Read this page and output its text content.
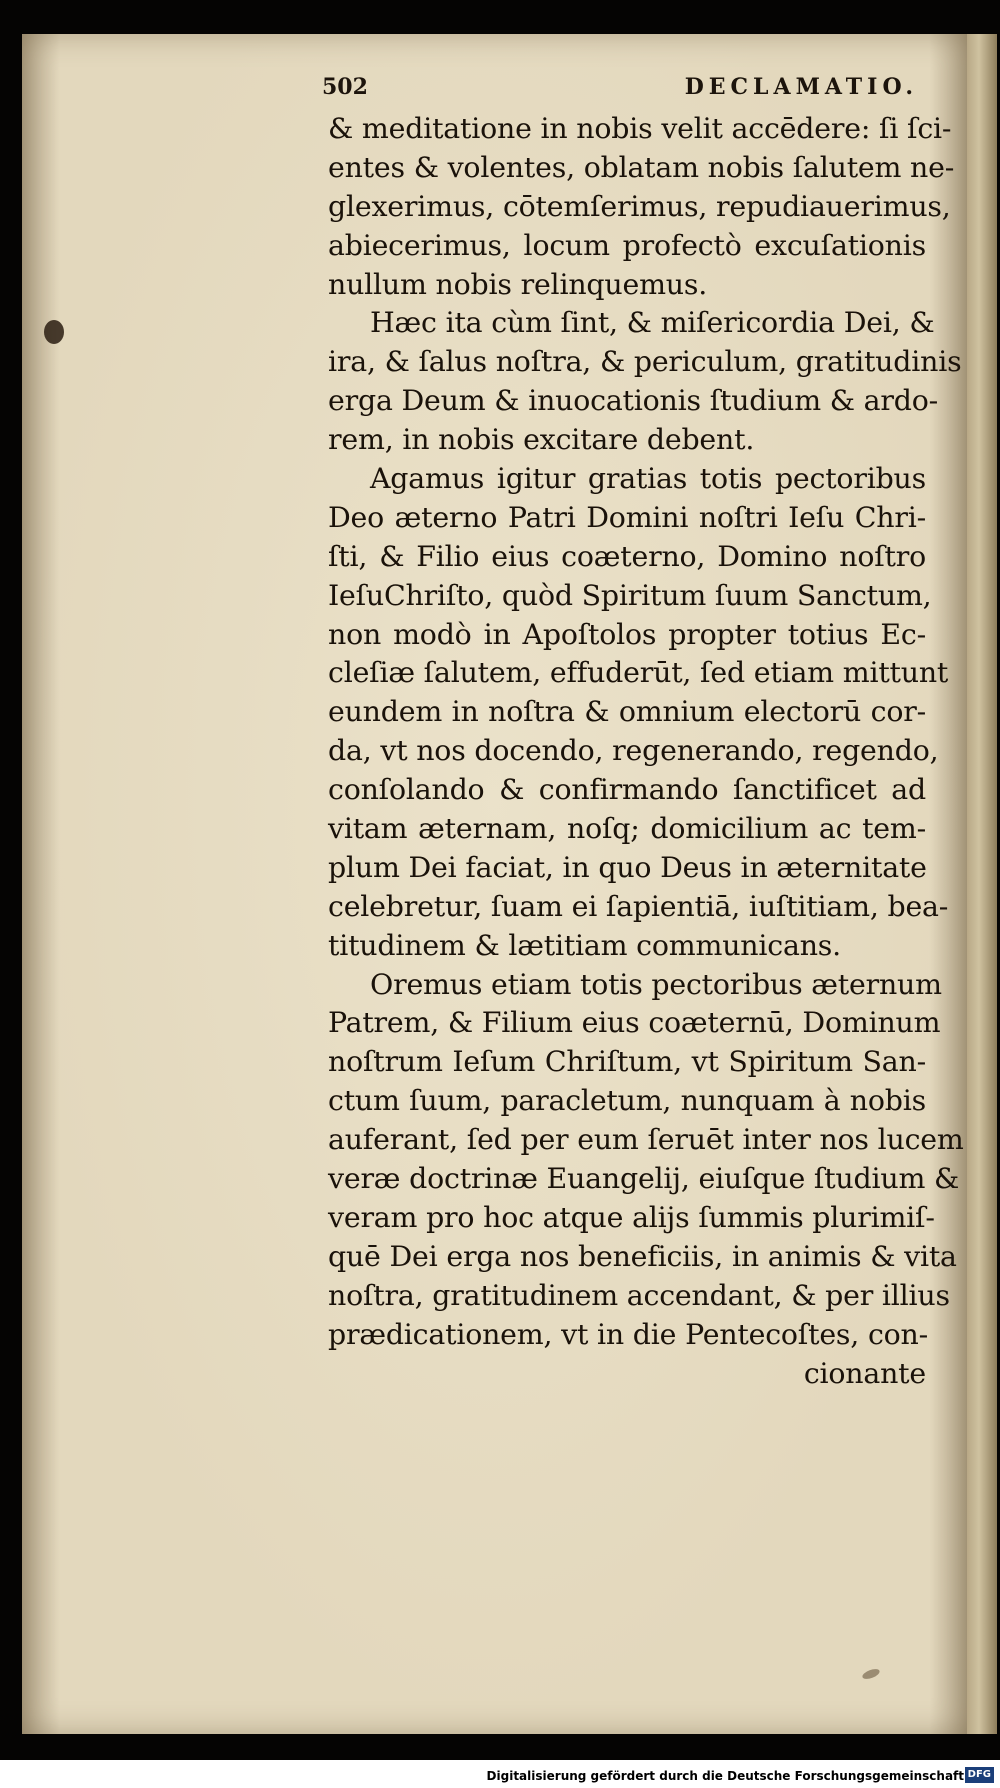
502	DECLAMATIO.
& meditatione in nobis velit accēdere: ſi ſci-
entes & volentes, oblatam nobis ſalutem ne-
glexerimus, cōtemſerimus, repudiauerimus,
abiecerimus, locum profectò excuſationis
nullum nobis relinquemus.
Hæc ita cùm ſint, & miſericordia Dei, &
ira, & ſalus noſtra, & periculum, gratitudinis
erga Deum & inuocationis ſtudium & ardo-
rem, in nobis excitare debent.
Agamus igitur gratias totis pectoribus
Deo æterno Patri Domini noſtri Ieſu Chri-
ſti, & Filio eius coæterno, Domino noſtro
IeſuChriſto, quòd Spiritum ſuum Sanctum,
non modò in Apoſtolos propter totius Ec-
cleſiæ ſalutem, effuderūt, ſed etiam mittunt
eundem in noſtra & omnium electorū cor-
da, vt nos docendo, regenerando, regendo,
conſolando & confirmando ſanctificet ad
vitam æternam, noſq; domicilium ac tem-
plum Dei faciat, in quo Deus in æternitate
celebretur, ſuam ei ſapientiā, iuſtitiam, bea-
titudinem & lætitiam communicans.
Oremus etiam totis pectoribus æternum
Patrem, & Filium eius coæternū, Dominum
noſtrum Ieſum Chriſtum, vt Spiritum San-
ctum ſuum, paracletum, nunquam à nobis
auferant, ſed per eum ſeruēt inter nos lucem
veræ doctrinæ Euangelij, eiuſque ſtudium &
veram pro hoc atque alijs ſummis plurimiſ-
quē Dei erga nos beneficiis, in animis & vita
noſtra, gratitudinem accendant, & per illius
prædicationem, vt in die Pentecoſtes, con-
cionante
Digitalisierung gefördert durch die Deutsche Forschungsgemeinschaft DFG
